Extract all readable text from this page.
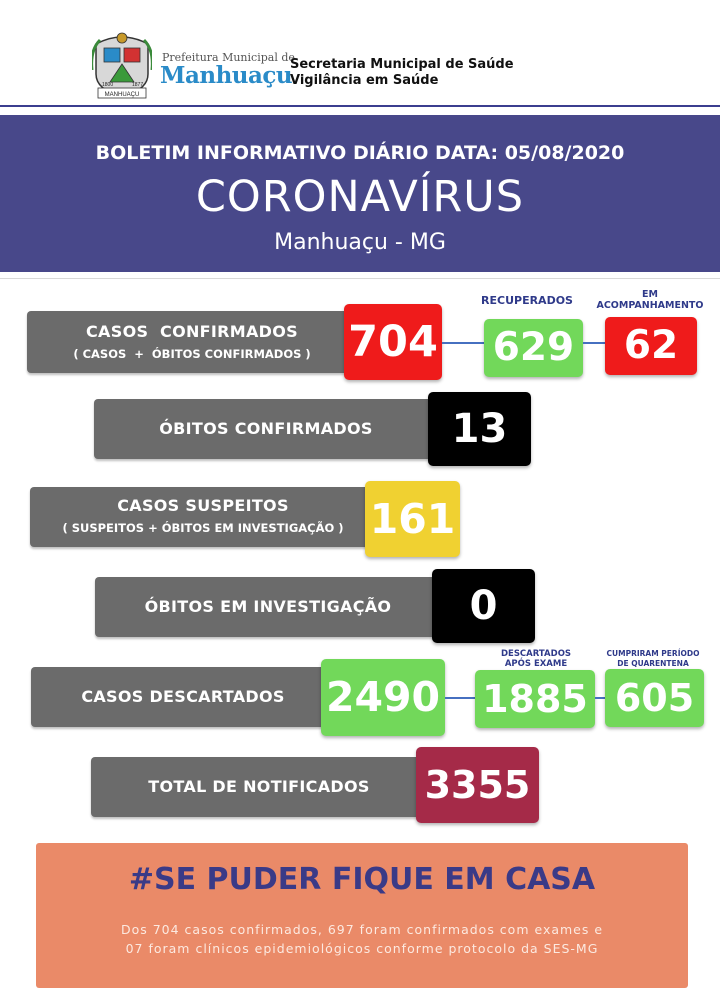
MANHUAÇU
1800	1877
Prefeitura Municipal de
Manhuaçu
Secretaria Municipal de Saúde
Vigilância em Saúde
BOLETIM INFORMATIVO DIÁRIO DATA: 05/08/2020
CORONAVÍRUS
Manhuaçu - MG
CASOS  CONFIRMADOS
( CASOS  +  ÓBITOS CONFIRMADOS ) 704
RECUPERADOS
629
EM
ACOMPANHAMENTO
62
ÓBITOS CONFIRMADOS	13
CASOS SUSPEITOS
( SUSPEITOS + ÓBITOS EM INVESTIGAÇÃO ) 161
ÓBITOS EM INVESTIGAÇÃO	0
CASOS DESCARTADOS	2490
DESCARTADOS
APÓS EXAME
1885
CUMPRIRAM PERÍODO
DE QUARENTENA
605
TOTAL DE NOTIFICADOS	3355
#SE PUDER FIQUE EM CASA
Dos 704 casos confirmados, 697 foram confirmados com exames e
07 foram clínicos epidemiológicos conforme protocolo da SES-MG
